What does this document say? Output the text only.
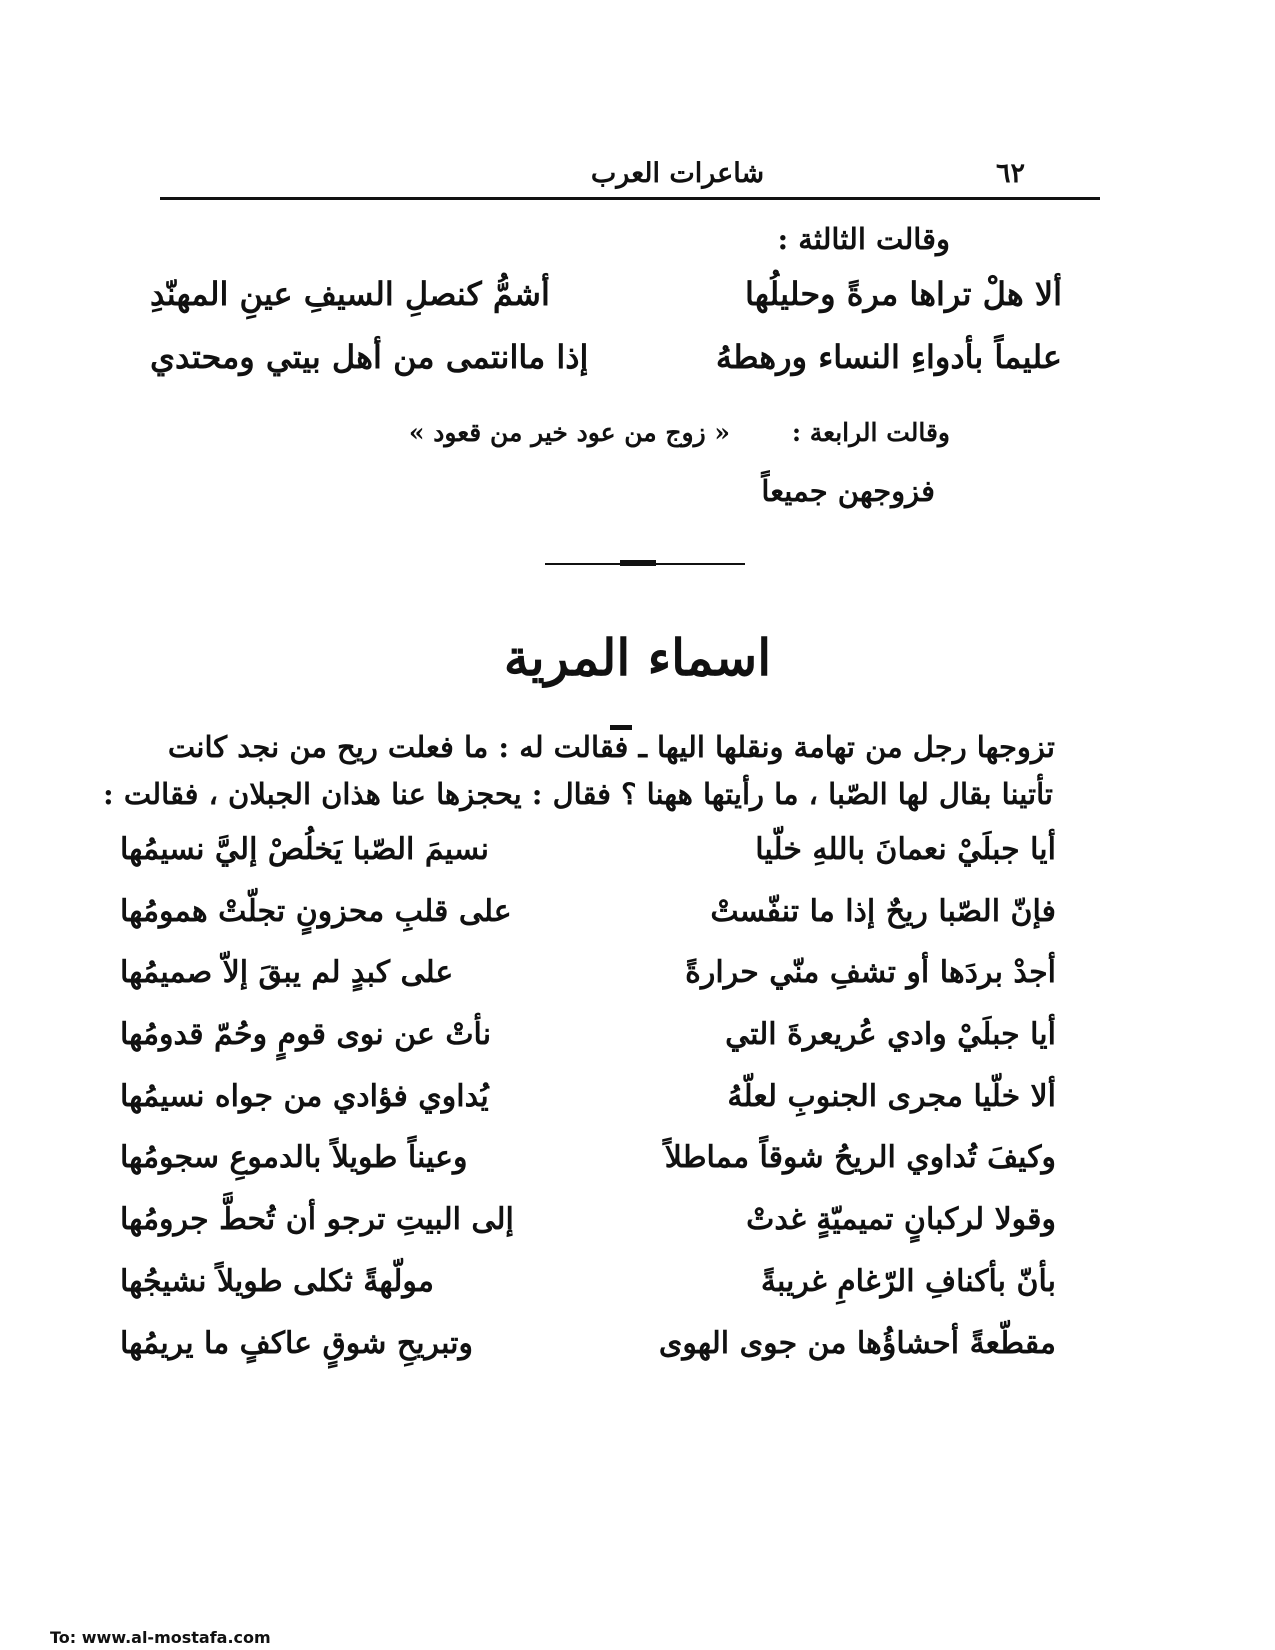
٦٢
شاعرات العرب
وقالت الثالثة :
ألا هلْ تراها مرةً وحليلُها
أشمُّ كنصلِ السيفِ عينِ المهنّدِ
عليماً بأدواءِ النساء ورهطهُ
إذا ماانتمى من أهل بيتي ومحتدي
وقالت الرابعة :
« زوج من عود خير من قعود »
فزوجهن جميعاً
اسماء المرية
تزوجها رجل من تهامة ونقلها اليها ـ فقالت له : ما فعلت ريح من نجد كانت
تأتينا بقال لها الصّبا ، ما رأيتها ههنا ؟ فقال : يحجزها عنا هذان الجبلان ، فقالت :
أيا جبلَيْ نعمانَ باللهِ خلّيا
نسيمَ الصّبا يَخلُصْ إليَّ نسيمُها
فإنّ الصّبا ريحٌ إذا ما تنفّستْ
على قلبِ محزونٍ تجلّتْ همومُها
أجدْ بردَها أو تشفِ منّي حرارةً
على كبدٍ لم يبقَ إلاّ صميمُها
أيا جبلَيْ وادي عُريعرةَ التي
نأتْ عن نوى قومٍ وحُمّ قدومُها
ألا خلّيا مجرى الجنوبِ لعلّهُ
يُداوي فؤادي من جواه نسيمُها
وكيفَ تُداوي الريحُ شوقاً مماطلاً
وعيناً طويلاً بالدموعِ سجومُها
وقولا لركبانٍ تميميّةٍ غدتْ
إلى البيتِ ترجو أن تُحطَّ جرومُها
بأنّ بأكنافِ الرّغامِ غريبةً
مولّهةً ثكلى طويلاً نشيجُها
مقطّعةً أحشاؤُها من جوى الهوى
وتبريحِ شوقٍ عاكفٍ ما يريمُها
To: www.al-mostafa.com
